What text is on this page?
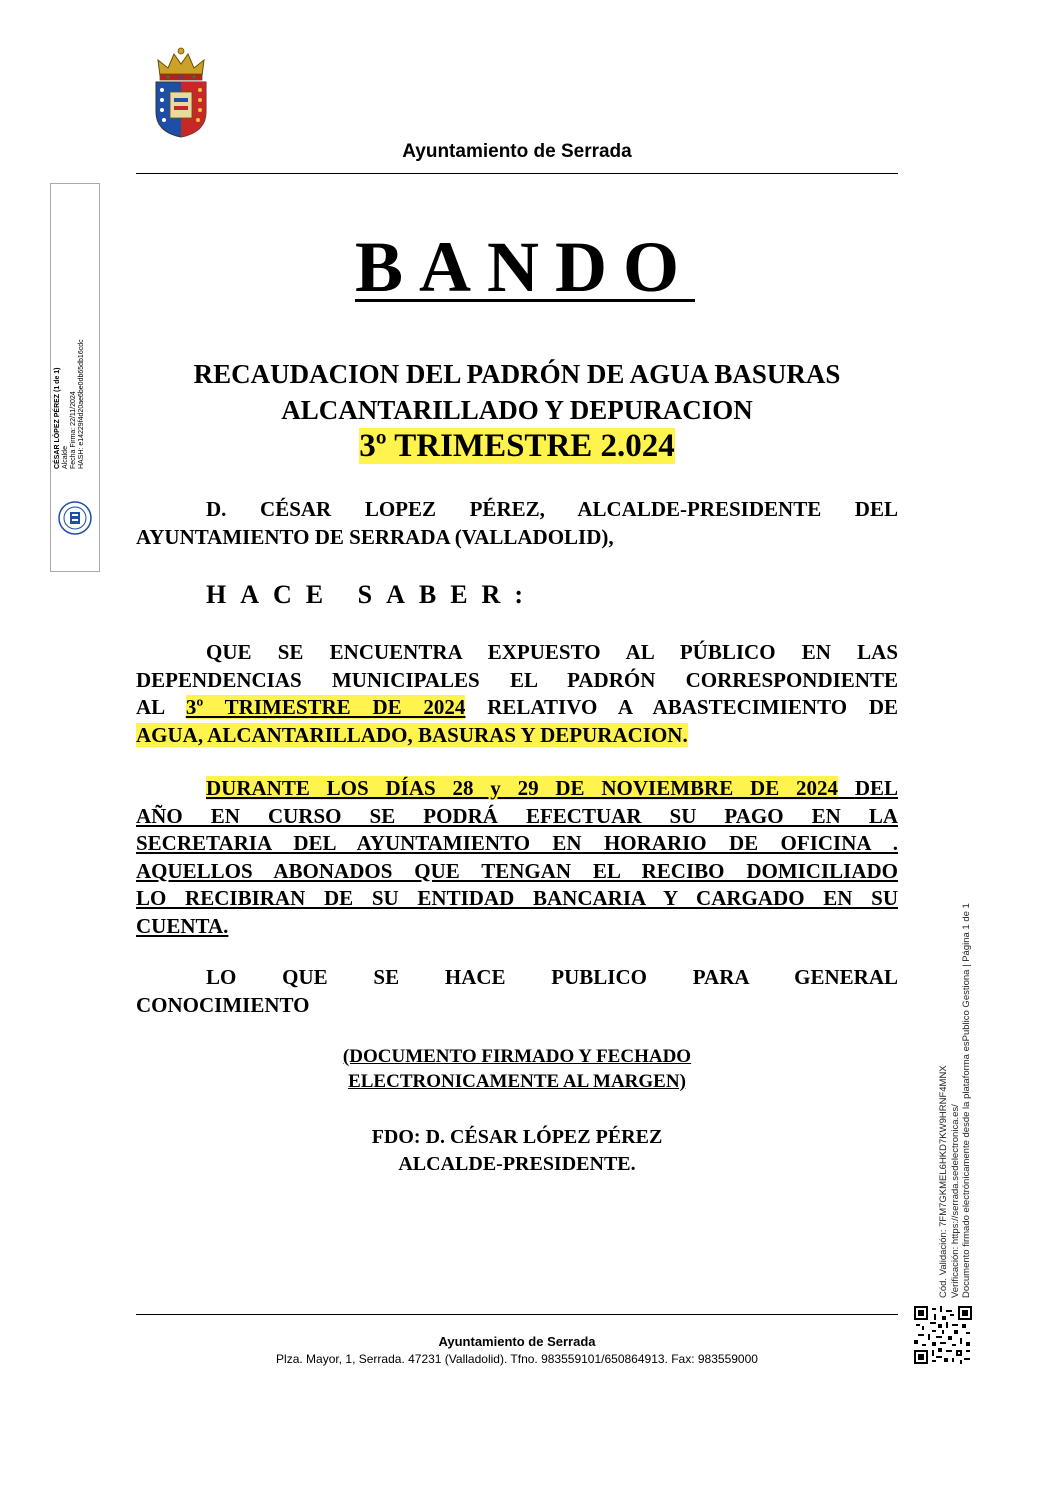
Ayuntamiento de Serrada
BANDO
RECAUDACION DEL PADRÓN DE AGUA BASURAS
ALCANTARILLADO Y DEPURACION
3º TRIMESTRE 2.024
D. CÉSAR LOPEZ PÉREZ, ALCALDE-PRESIDENTE DEL
AYUNTAMIENTO DE SERRADA (VALLADOLID),
HACE SABER:
QUE SE ENCUENTRA EXPUESTO AL PÚBLICO EN LAS
DEPENDENCIAS MUNICIPALES EL PADRÓN CORRESPONDIENTE
AL 3º TRIMESTRE DE 2024 RELATIVO A ABASTECIMIENTO DE
AGUA, ALCANTARILLADO, BASURAS Y DEPURACION.
DURANTE LOS DÍAS 28 y 29 DE NOVIEMBRE DE 2024 DEL
AÑO EN CURSO SE PODRÁ EFECTUAR SU PAGO EN LA
SECRETARIA DEL AYUNTAMIENTO EN HORARIO DE OFICINA .
AQUELLOS ABONADOS QUE TENGAN EL RECIBO DOMICILIADO
LO RECIBIRAN DE SU ENTIDAD BANCARIA Y CARGADO EN SU
CUENTA.
LO QUE SE HACE PUBLICO PARA GENERAL
CONOCIMIENTO
(DOCUMENTO FIRMADO Y FECHADO
ELECTRONICAMENTE AL MARGEN)
FDO: D. CÉSAR LÓPEZ PÉREZ
ALCALDE-PRESIDENTE.
Ayuntamiento de Serrada
Plza. Mayor, 1, Serrada. 47231 (Valladolid). Tfno. 983559101/650864913. Fax: 983559000
CÉSAR LÓPEZ PÉREZ (1 de 1) Alcalde Fecha Firma: 22/11/2024 HASH: e14229f4d20ae6be0db65db16cdc
Cód. Validación: 7FM7GKMEL6HKD7KW9HRNF4MNX Verificación: https://serrada.sedelectronica.es/ Documento firmado electrónicamente desde la plataforma esPublico Gestiona | Página 1 de 1
